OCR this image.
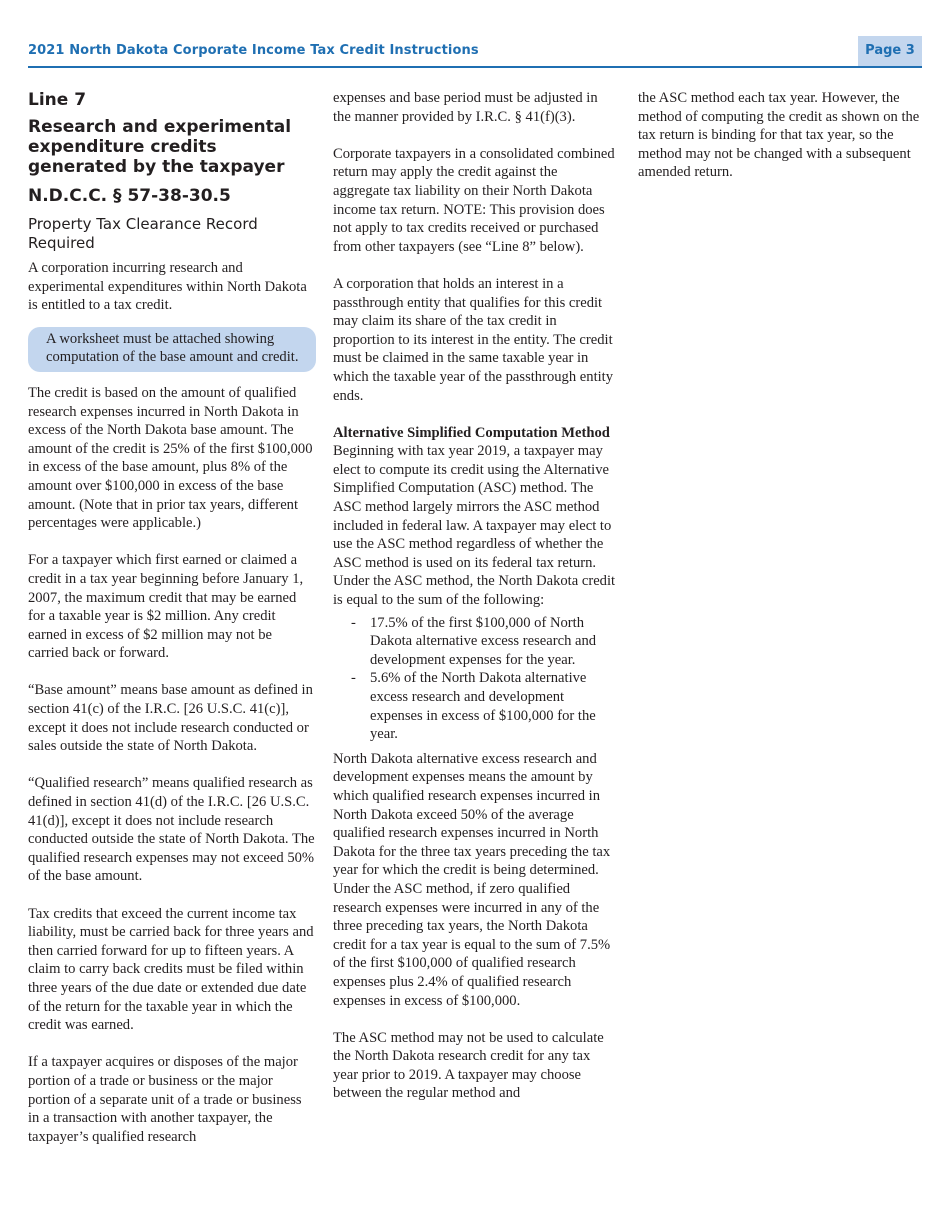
2021 North Dakota Corporate Income Tax Credit Instructions	Page 3
Line 7
Research and experimental expenditure credits generated by the taxpayer
N.D.C.C. § 57-38-30.5
Property Tax Clearance Record Required

A corporation incurring research and experimental expenditures within North Dakota is entitled to a tax credit.

A worksheet must be attached showing computation of the base amount and credit.

The credit is based on the amount of qualified research expenses incurred in North Dakota in excess of the North Dakota base amount. The amount of the credit is 25% of the first $100,000 in excess of the base amount, plus 8% of the amount over $100,000 in excess of the base amount. (Note that in prior tax years, different percentages were applicable.)

For a taxpayer which first earned or claimed a credit in a tax year beginning before January 1, 2007, the maximum credit that may be earned for a taxable year is $2 million. Any credit earned in excess of $2 million may not be carried back or forward.

“Base amount” means base amount as defined in section 41(c) of the I.R.C. [26 U.S.C. 41(c)], except it does not include research conducted or sales outside the state of North Dakota.

“Qualified research” means qualified research as defined in section 41(d) of the I.R.C. [26 U.S.C. 41(d)], except it does not include research conducted outside the state of North Dakota. The qualified research expenses may not exceed 50% of the base amount.

Tax credits that exceed the current income tax liability, must be carried back for three years and then carried forward for up to fifteen years. A claim to carry back credits must be filed within three years of the due date or extended due date of the return for the taxable year in which the credit was earned.

If a taxpayer acquires or disposes of the major portion of a trade or business or the major portion of a separate unit of a trade or business in a transaction with another taxpayer, the taxpayer’s qualified research

expenses and base period must be adjusted in the manner provided by I.R.C. § 41(f)(3).

Corporate taxpayers in a consolidated combined return may apply the credit against the aggregate tax liability on their North Dakota income tax return. NOTE: This provision does not apply to tax credits received or purchased from other taxpayers (see “Line 8” below).

A corporation that holds an interest in a passthrough entity that qualifies for this credit may claim its share of the tax credit in proportion to its interest in the entity. The credit must be claimed in the same taxable year in which the taxable year of the passthrough entity ends.

Alternative Simplified Computation Method

Beginning with tax year 2019, a taxpayer may elect to compute its credit using the Alternative Simplified Computation (ASC) method. The ASC method largely mirrors the ASC method included in federal law. A taxpayer may elect to use the ASC method regardless of whether the ASC method is used on its federal tax return. Under the ASC method, the North Dakota credit is equal to the sum of the following:

- 17.5% of the first $100,000 of North Dakota alternative excess research and development expenses for the year.
- 5.6% of the North Dakota alternative excess research and development expenses in excess of $100,000 for the year.

North Dakota alternative excess research and development expenses means the amount by which qualified research expenses incurred in North Dakota exceed 50% of the average qualified research expenses incurred in North Dakota for the three tax years preceding the tax year for which the credit is being determined. Under the ASC method, if zero qualified research expenses were incurred in any of the three preceding tax years, the North Dakota credit for a tax year is equal to the sum of 7.5% of the first $100,000 of qualified research expenses plus 2.4% of qualified research expenses in excess of $100,000.

The ASC method may not be used to calculate the North Dakota research credit for any tax year prior to 2019. A taxpayer may choose between the regular method and

the ASC method each tax year. However, the method of computing the credit as shown on the tax return is binding for that tax year, so the method may not be changed with a subsequent amended return.
